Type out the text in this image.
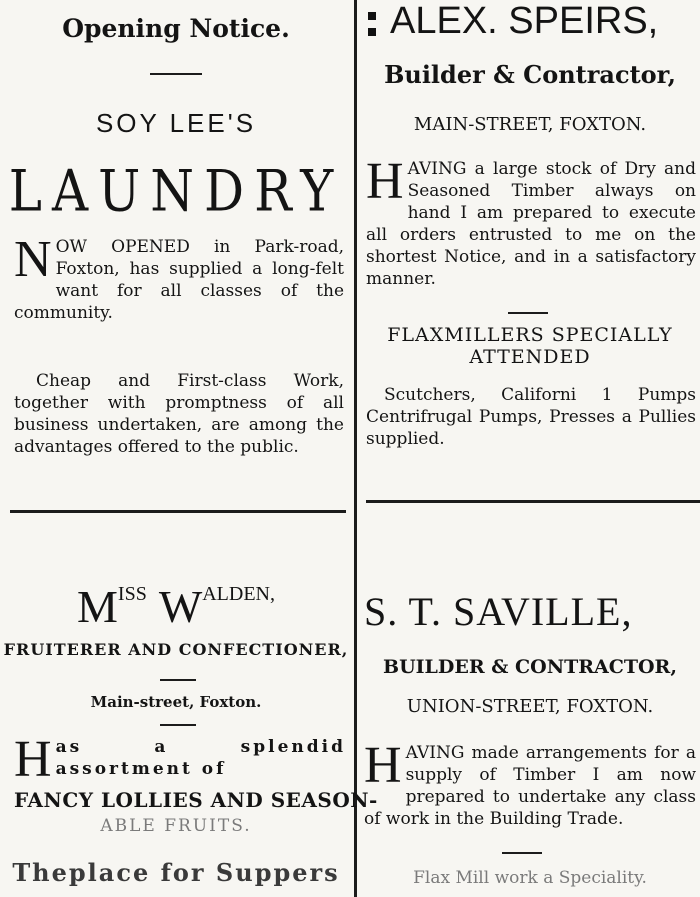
Opening Notice.
SOY LEE'S
LAUNDRY
NOW OPENED in Park-road, Foxton, has supplied a long-felt want for all classes of the community.
Cheap and First-class Work, together with promptness of all business undertaken, are among the advantages offered to the public.
MISS WALDEN,
FRUITERER AND CONFECTIONER,
Main-street, Foxton.
Has a splendid assortment of
FANCY LOLLIES AND SEASON-
ABLE FRUITS.
Theplace for Suppers
ALEX. SPEIRS,
Builder & Contractor,
MAIN-STREET, FOXTON.
HAVING a large stock of Dry and Seasoned Timber always on hand I am prepared to execute all orders entrusted to me on the shortest Notice, and in a satisfactory manner.
FLAXMILLERS SPECIALLY
ATTENDED
Scutchers, Californi 1 Pumps Centrifrugal Pumps, Presses a Pullies supplied.
S. T. SAVILLE,
BUILDER & CONTRACTOR,
UNION-STREET, FOXTON.
HAVING made arrangements for a supply of Timber I am now prepared to undertake any class of work in the Building Trade.
Flax Mill work a Speciality.
